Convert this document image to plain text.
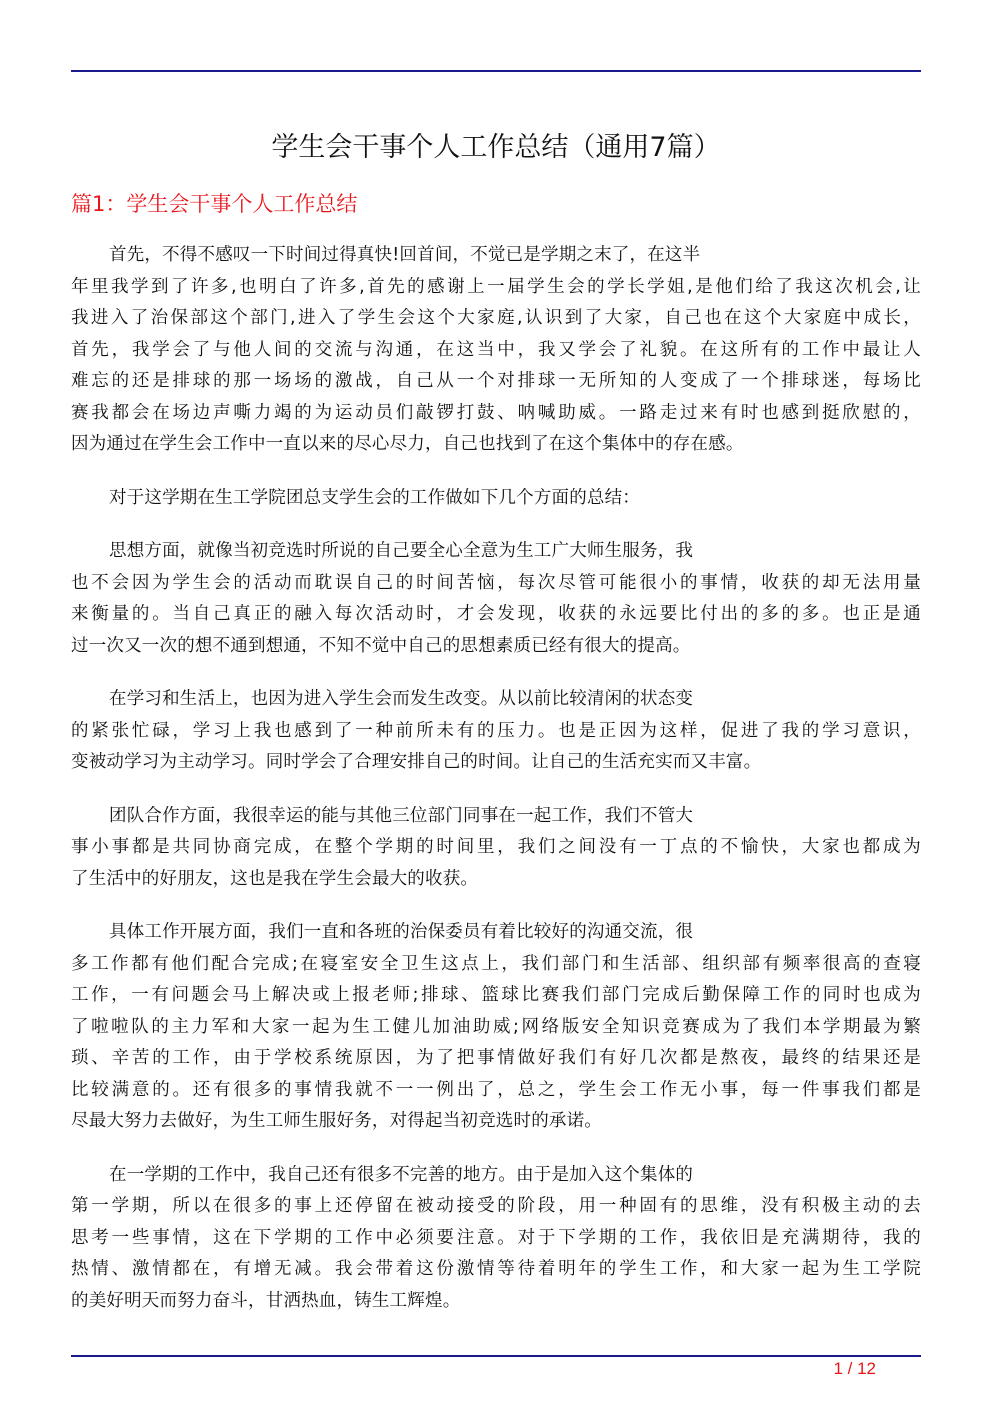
学生会干事个人工作总结（通用7篇）
篇1：学生会干事个人工作总结
首先，不得不感叹一下时间过得真快!回首间，不觉已是学期之末了，在这半
年里我学到了许多,也明白了许多,首先的感谢上一届学生会的学长学姐,是他们给了我这次机会,让
我进入了治保部这个部门,进入了学生会这个大家庭,认识到了大家，自己也在这个大家庭中成长，
首先，我学会了与他人间的交流与沟通，在这当中，我又学会了礼貌。在这所有的工作中最让人
难忘的还是排球的那一场场的激战，自己从一个对排球一无所知的人变成了一个排球迷，每场比
赛我都会在场边声嘶力竭的为运动员们敲锣打鼓、呐喊助威。一路走过来有时也感到挺欣慰的，
因为通过在学生会工作中一直以来的尽心尽力，自己也找到了在这个集体中的存在感。
对于这学期在生工学院团总支学生会的工作做如下几个方面的总结：
思想方面，就像当初竞选时所说的自己要全心全意为生工广大师生服务，我
也不会因为学生会的活动而耽误自己的时间苦恼，每次尽管可能很小的事情，收获的却无法用量
来衡量的。当自己真正的融入每次活动时，才会发现，收获的永远要比付出的多的多。也正是通
过一次又一次的想不通到想通，不知不觉中自己的思想素质已经有很大的提高。
在学习和生活上，也因为进入学生会而发生改变。从以前比较清闲的状态变
的紧张忙碌，学习上我也感到了一种前所未有的压力。也是正因为这样，促进了我的学习意识，
变被动学习为主动学习。同时学会了合理安排自己的时间。让自己的生活充实而又丰富。
团队合作方面，我很幸运的能与其他三位部门同事在一起工作，我们不管大
事小事都是共同协商完成，在整个学期的时间里，我们之间没有一丁点的不愉快，大家也都成为
了生活中的好朋友，这也是我在学生会最大的收获。
具体工作开展方面，我们一直和各班的治保委员有着比较好的沟通交流，很
多工作都有他们配合完成;在寝室安全卫生这点上，我们部门和生活部、组织部有频率很高的查寝
工作，一有问题会马上解决或上报老师;排球、篮球比赛我们部门完成后勤保障工作的同时也成为
了啦啦队的主力军和大家一起为生工健儿加油助威;网络版安全知识竞赛成为了我们本学期最为繁
琐、辛苦的工作，由于学校系统原因，为了把事情做好我们有好几次都是熬夜，最终的结果还是
比较满意的。还有很多的事情我就不一一例出了，总之，学生会工作无小事，每一件事我们都是
尽最大努力去做好，为生工师生服好务，对得起当初竞选时的承诺。
在一学期的工作中，我自己还有很多不完善的地方。由于是加入这个集体的
第一学期，所以在很多的事上还停留在被动接受的阶段，用一种固有的思维，没有积极主动的去
思考一些事情，这在下学期的工作中必须要注意。对于下学期的工作，我依旧是充满期待，我的
热情、激情都在，有增无减。我会带着这份激情等待着明年的学生工作，和大家一起为生工学院
的美好明天而努力奋斗，甘洒热血，铸生工辉煌。
1 / 12
